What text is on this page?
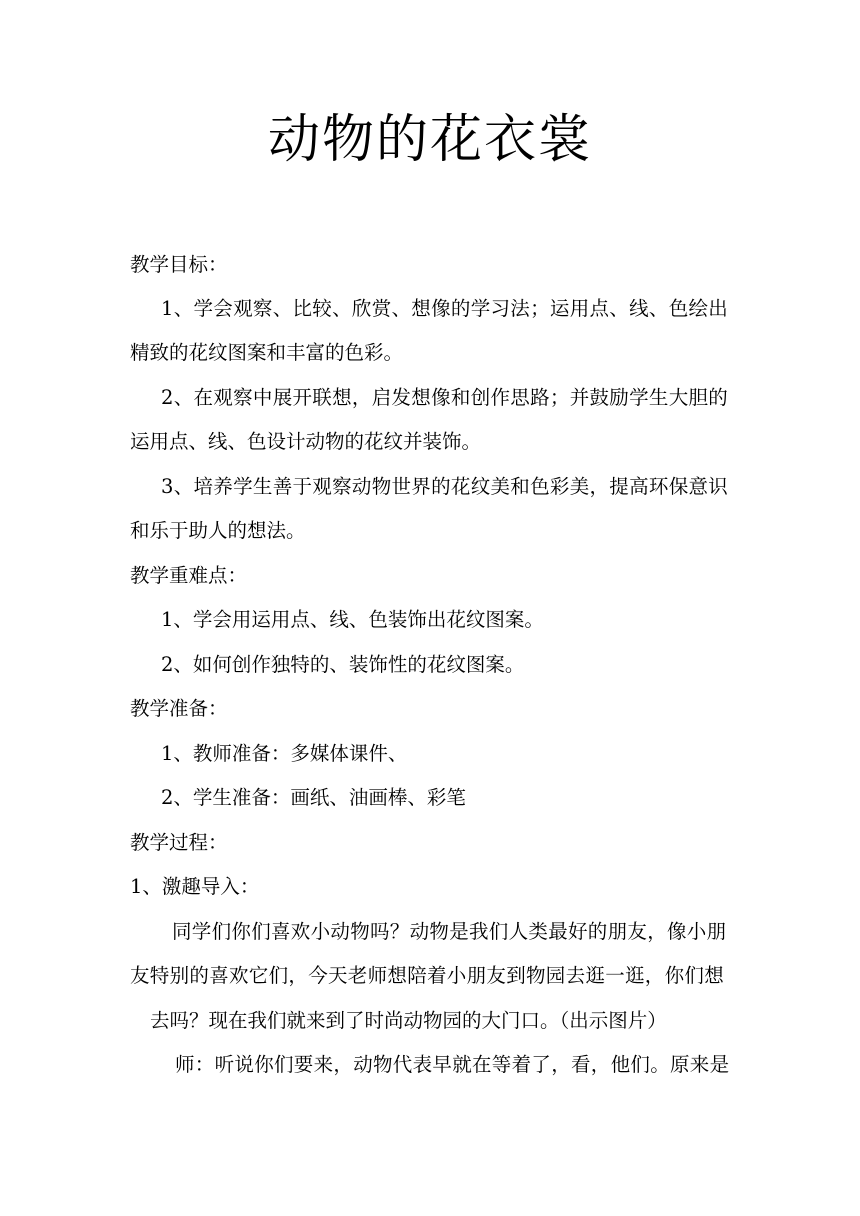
动物的花衣裳
教学目标：
1、学会观察、比较、欣赏、想像的学习法；运用点、线、色绘出
精致的花纹图案和丰富的色彩。
2、在观察中展开联想，启发想像和创作思路；并鼓励学生大胆的
运用点、线、色设计动物的花纹并装饰。
3、培养学生善于观察动物世界的花纹美和色彩美，提高环保意识
和乐于助人的想法。
教学重难点：
1、学会用运用点、线、色装饰出花纹图案。
2、如何创作独特的、装饰性的花纹图案。
教学准备：
1、教师准备：多媒体课件、
2、学生准备：画纸、油画棒、彩笔
教学过程：
1、激趣导入：
同学们你们喜欢小动物吗？动物是我们人类最好的朋友，像小朋
友特别的喜欢它们，今天老师想陪着小朋友到物园去逛一逛，你们想
去吗？现在我们就来到了时尚动物园的大门口。（出示图片）
师：听说你们要来，动物代表早就在等着了，看，他们。原来是
